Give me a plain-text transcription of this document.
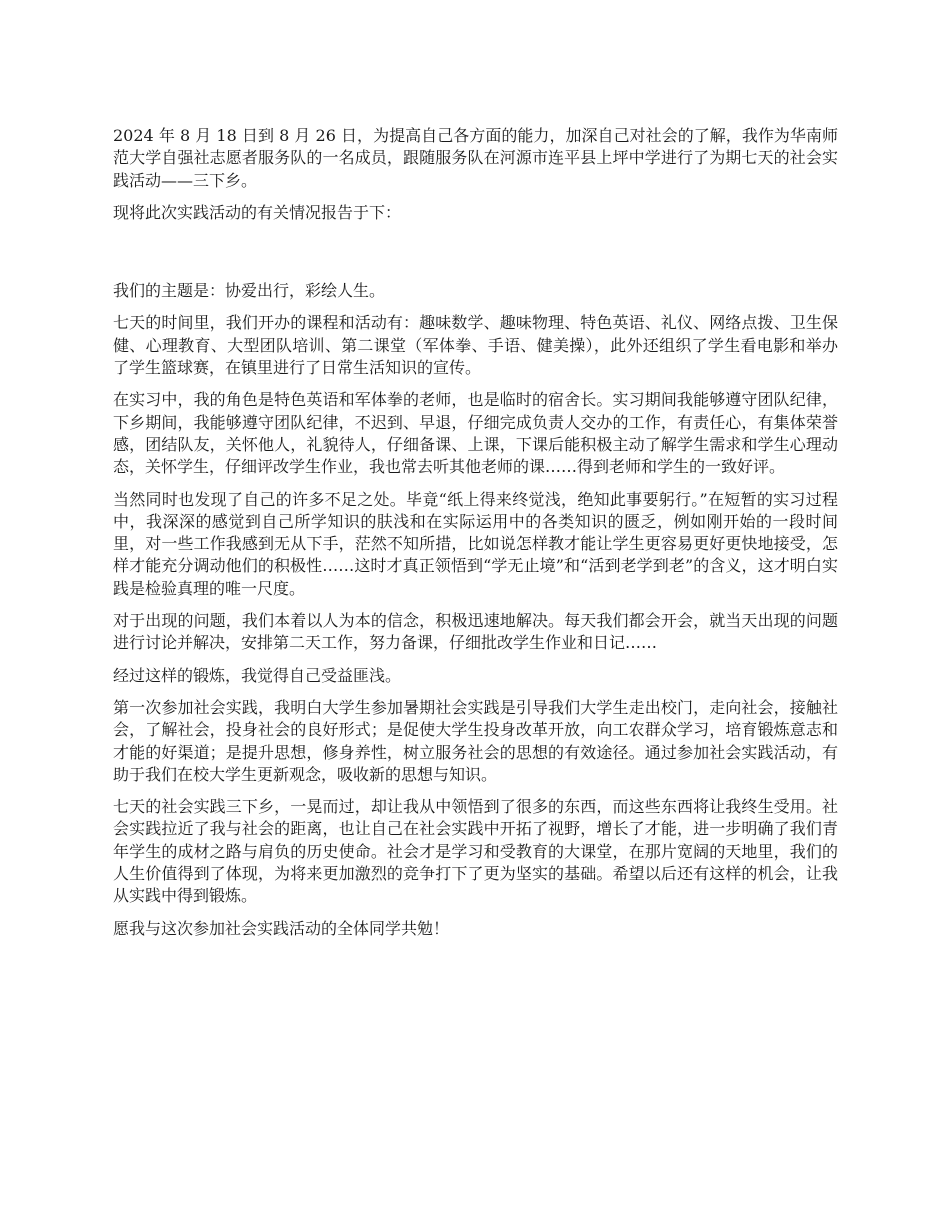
2024 年 8 月 18 日到 8 月 26 日，为提高自己各方面的能力，加深自己对社会的了解，我作为华南师范大学自强社志愿者服务队的一名成员，跟随服务队在河源市连平县上坪中学进行了为期七天的社会实践活动——三下乡。

现将此次实践活动的有关情况报告于下：

我们的主题是：协爱出行，彩绘人生。

七天的时间里，我们开办的课程和活动有：趣味数学、趣味物理、特色英语、礼仪、网络点拨、卫生保健、心理教育、大型团队培训、第二课堂（军体拳、手语、健美操），此外还组织了学生看电影和举办了学生篮球赛，在镇里进行了日常生活知识的宣传。

在实习中，我的角色是特色英语和军体拳的老师，也是临时的宿舍长。实习期间我能够遵守团队纪律，下乡期间，我能够遵守团队纪律，不迟到、早退，仔细完成负责人交办的工作，有责任心，有集体荣誉感，团结队友，关怀他人，礼貌待人，仔细备课、上课，下课后能积极主动了解学生需求和学生心理动态，关怀学生，仔细评改学生作业，我也常去听其他老师的课……得到老师和学生的一致好评。

当然同时也发现了自己的许多不足之处。毕竟“纸上得来终觉浅，绝知此事要躬行。”在短暂的实习过程中，我深深的感觉到自己所学知识的肤浅和在实际运用中的各类知识的匮乏，例如刚开始的一段时间里，对一些工作我感到无从下手，茫然不知所措，比如说怎样教才能让学生更容易更好更快地接受，怎样才能充分调动他们的积极性……这时才真正领悟到“学无止境”和“活到老学到老”的含义，这才明白实践是检验真理的唯一尺度。

对于出现的问题，我们本着以人为本的信念，积极迅速地解决。每天我们都会开会，就当天出现的问题进行讨论并解决，安排第二天工作，努力备课，仔细批改学生作业和日记……

经过这样的锻炼，我觉得自己受益匪浅。

第一次参加社会实践，我明白大学生参加暑期社会实践是引导我们大学生走出校门，走向社会，接触社会，了解社会，投身社会的良好形式；是促使大学生投身改革开放，向工农群众学习，培育锻炼意志和才能的好渠道；是提升思想，修身养性，树立服务社会的思想的有效途径。通过参加社会实践活动，有助于我们在校大学生更新观念，吸收新的思想与知识。

七天的社会实践三下乡，一晃而过，却让我从中领悟到了很多的东西，而这些东西将让我终生受用。社会实践拉近了我与社会的距离，也让自己在社会实践中开拓了视野，增长了才能，进一步明确了我们青年学生的成材之路与肩负的历史使命。社会才是学习和受教育的大课堂，在那片宽阔的天地里，我们的人生价值得到了体现，为将来更加激烈的竞争打下了更为坚实的基础。希望以后还有这样的机会，让我从实践中得到锻炼。

愿我与这次参加社会实践活动的全体同学共勉！
